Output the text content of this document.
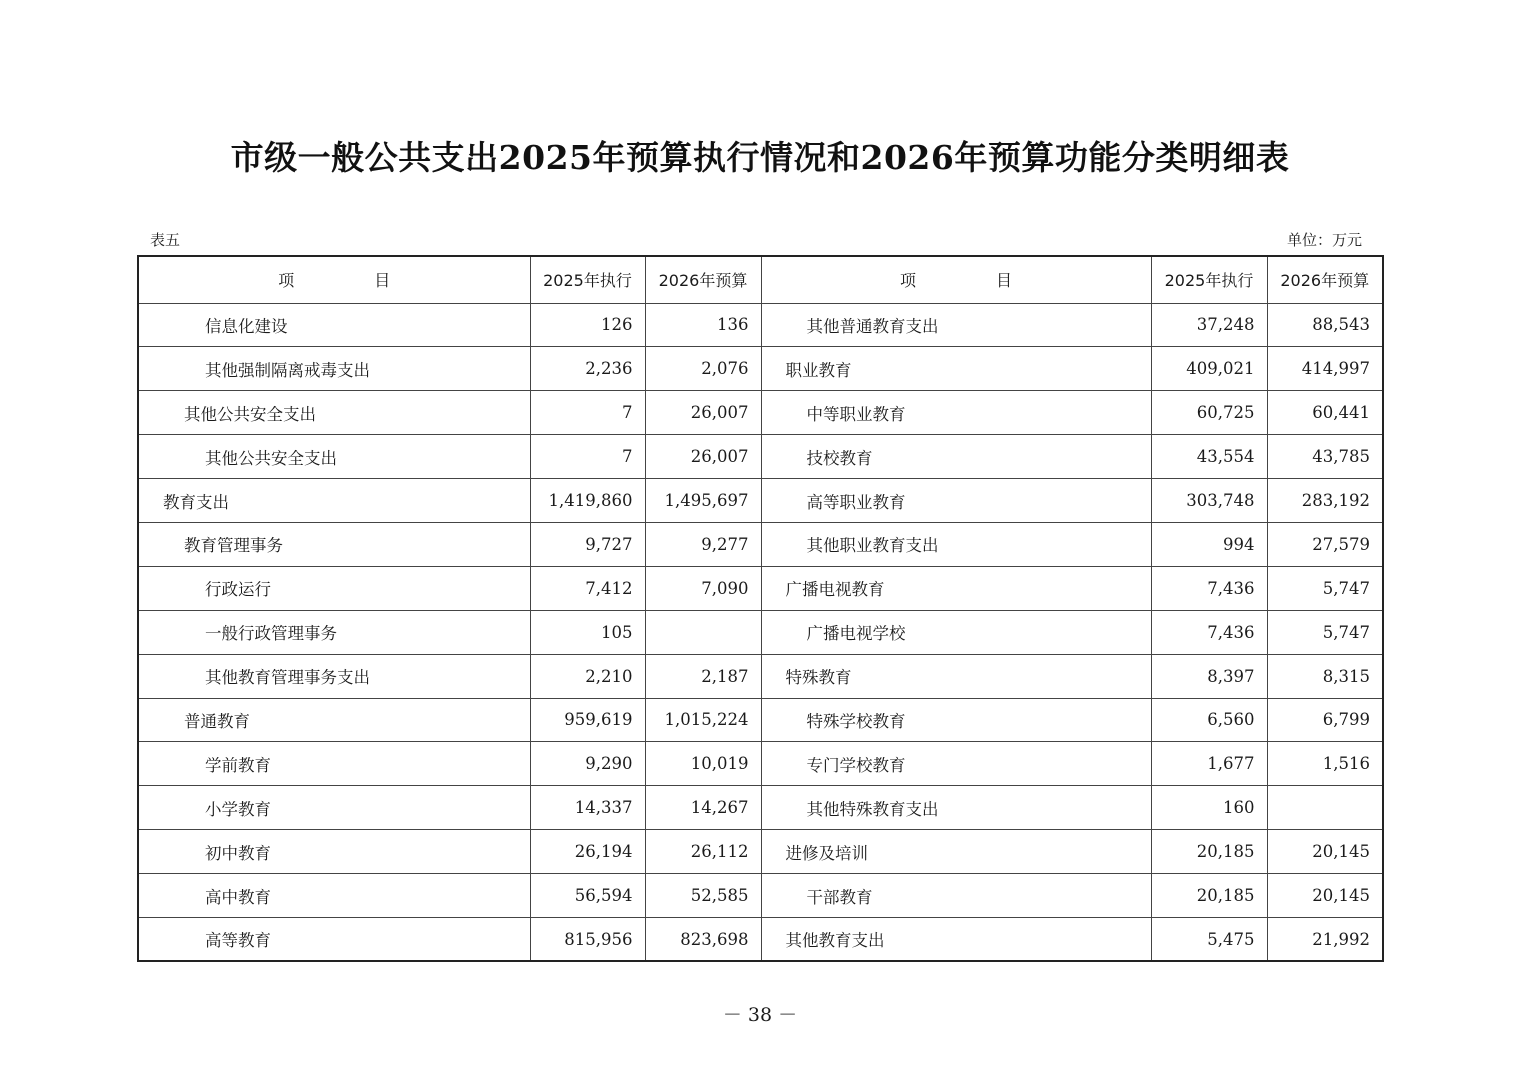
市级一般公共支出2025年预算执行情况和2026年预算功能分类明细表
表五	单位：万元
项 目	2025年执行	2026年预算	项 目	2025年执行	2026年预算
信息化建设	126	136	其他普通教育支出	37,248	88,543
其他强制隔离戒毒支出	2,236	2,076	职业教育	409,021	414,997
其他公共安全支出	7	26,007	中等职业教育	60,725	60,441
其他公共安全支出	7	26,007	技校教育	43,554	43,785
教育支出	1,419,860	1,495,697	高等职业教育	303,748	283,192
教育管理事务	9,727	9,277	其他职业教育支出	994	27,579
行政运行	7,412	7,090	广播电视教育	7,436	5,747
一般行政管理事务	105		广播电视学校	7,436	5,747
其他教育管理事务支出	2,210	2,187	特殊教育	8,397	8,315
普通教育	959,619	1,015,224	特殊学校教育	6,560	6,799
学前教育	9,290	10,019	专门学校教育	1,677	1,516
小学教育	14,337	14,267	其他特殊教育支出	160	
初中教育	26,194	26,112	进修及培训	20,185	20,145
高中教育	56,594	52,585	干部教育	20,185	20,145
高等教育	815,956	823,698	其他教育支出	5,475	21,992
－ 38 －
